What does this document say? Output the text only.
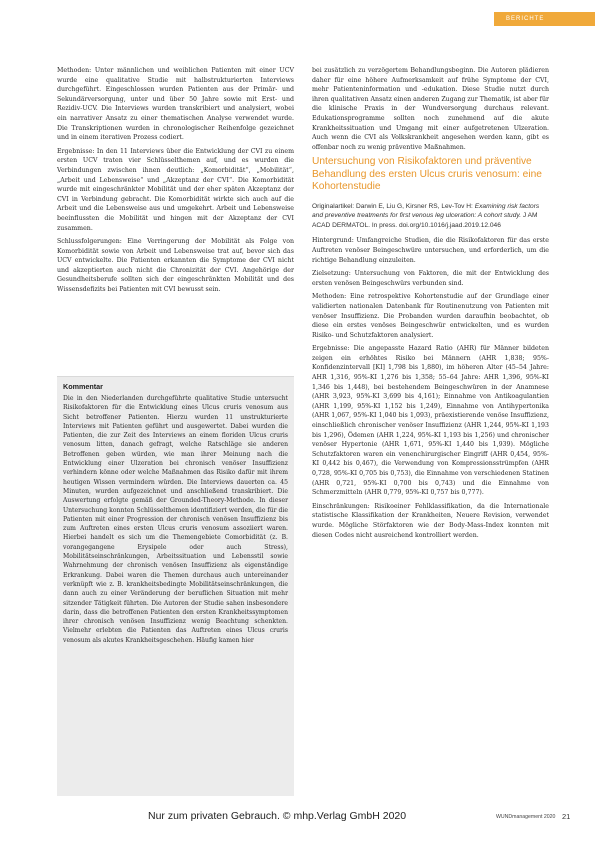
BERICHTE

Methoden: Unter männlichen und weiblichen Patienten mit einer UCV wurde eine qualitative Studie mit halbstrukturierten Interviews durchgeführt. Eingeschlossen wurden Patienten aus der Primär- und Sekundärversorgung, unter und über 50 Jahre sowie mit Erst- und Rezidiv-UCV. Die Interviews wurden transkribiert und analysiert, wobei ein narrativer Ansatz zu einer thematischen Analyse verwendet wurde. Die Transkriptionen wurden in chronologischer Reihenfolge gezeichnet und in einem iterativen Prozess codiert.

Ergebnisse: In den 11 Interviews über die Entwicklung der CVI zu einem ersten UCV traten vier Schlüsselthemen auf, und es wurden die Verbindungen zwischen ihnen deutlich: „Komorbidität“, „Mobilität“, „Arbeit und Lebensweise“ und „Akzeptanz der CVI“. Die Komorbidität wurde mit eingeschränkter Mobilität und der eher späten Akzeptanz der CVI in Verbindung gebracht. Die Komorbidität wirkte sich auch auf die Arbeit und die Lebensweise aus und umgekehrt. Arbeit und Lebensweise beeinflussten die Mobilität und hingen mit der Akzeptanz der CVI zusammen.

Schlussfolgerungen: Eine Verringerung der Mobilität als Folge von Komorbidität sowie von Arbeit und Lebensweise trat auf, bevor sich das UCV entwickelte. Die Patienten erkannten die Symptome der CVI nicht und akzeptierten auch nicht die Chronizität der CVI. Angehörige der Gesundheitsberufe sollten sich der eingeschränkten Mobilität und des Wissensdefizits bei Patienten mit CVI bewusst sein.

Kommentar

Die in den Niederlanden durchgeführte qualitative Studie untersucht Risikofaktoren für die Entwicklung eines Ulcus cruris venosum aus Sicht betroffener Patienten. Hierzu wurden 11 unstrukturierte Interviews mit Patienten geführt und ausgewertet. Dabei wurden die Patienten, die zur Zeit des Interviews an einem floriden Ulcus cruris venosum litten, danach gefragt, welche Ratschläge sie anderen Betroffenen geben würden, wie man ihrer Meinung nach die Entwicklung einer Ulzeration bei chronisch venöser Insuffizienz verhindern könne oder welche Maßnahmen das Risiko dafür mit ihrem heutigen Wissen vermindern würden. Die Interviews dauerten ca. 45 Minuten, wurden aufgezeichnet und anschließend transkribiert. Die Auswertung erfolgte gemäß der Grounded-Theory-Methode. In dieser Untersuchung konnten Schlüsselthemen identifiziert werden, die für die Patienten mit einer Progression der chronisch venösen Insuffizienz bis zum Auftreten eines ersten Ulcus cruris venosum assoziiert waren. Hierbei handelt es sich um die Themengebiete Comorbidität (z. B. vorangegangene Erysipele oder auch Stress), Mobilitätseinschränkungen, Arbeitssituation und Lebensstil sowie Wahrnehmung der chronisch venösen Insuffizienz als eigenständige Erkrankung. Dabei waren die Themen durchaus auch untereinander verknüpft wie z. B. krankheitsbedingte Mobilitätseinschränkungen, die dann auch zu einer Veränderung der beruflichen Situation mit mehr sitzender Tätigkeit führten. Die Autoren der Studie sahen insbesondere darin, dass die betroffenen Patienten den ersten Krankheitssymptomen ihrer chronisch venösen Insuffizienz wenig Beachtung schenkten. Vielmehr erlebten die Patienten das Auftreten eines Ulcus cruris venosum als akutes Krankheitsgeschehen. Häufig kamen hier

bei zusätzlich zu verzögertem Behandlungsbeginn. Die Autoren plädieren daher für eine höhere Aufmerksamkeit auf frühe Symptome der CVI, mehr Patienteninformation und -edukation. Diese Studie nutzt durch ihren qualitativen Ansatz einen anderen Zugang zur Thematik, ist aber für die klinische Praxis in der Wundversorgung durchaus relevant. Edukationsprogramme sollten noch zunehmend auf die akute Krankheitssituation und Umgang mit einer aufgetretenen Ulzeration. Auch wenn die CVI als Volkskrankheit angesehen werden kann, gibt es offenbar noch zu wenig präventive Maßnahmen.

Untersuchung von Risikofaktoren und präventive Behandlung des ersten Ulcus cruris venosum: eine Kohortenstudie
Originalartikel: Darwin E, Liu G, Kirsner RS, Lev-Tov H: Examining risk factors and preventive treatments for first venous leg ulceration: A cohort study. J AM ACAD DERMATOL. In press. doi.org/10.1016/j.jaad.2019.12.046

Hintergrund: Umfangreiche Studien, die die Risikofaktoren für das erste Auftreten venöser Beingeschwüre untersuchen, und erforderlich, um die richtige Behandlung einzuleiten.

Zielsetzung: Untersuchung von Faktoren, die mit der Entwicklung des ersten venösen Beingeschwürs verbunden sind.

Methoden: Eine retrospektive Kohortenstudie auf der Grundlage einer validierten nationalen Datenbank für Routinenutzung von Patienten mit venöser Insuffizienz. Die Probanden wurden daraufhin beobachtet, ob diese ein erstes venöses Beingeschwür entwickelten, und es wurden Risiko- und Schutzfaktoren analysiert.

Ergebnisse: Die angepasste Hazard Ratio (AHR) für Männer bildeten zeigen ein erhöhtes Risiko bei Männern (AHR 1,838; 95%-Konfidenzintervall [KI] 1,798 bis 1,880), im höheren Alter (45–54 Jahre: AHR 1,316, 95%-KI 1,276 bis 1,358; 55–64 Jahre: AHR 1,396, 95%-KI 1,346 bis 1,448), bei bestehendem Beingeschwüren in der Anamnese (AHR 3,923, 95%-KI 3,699 bis 4,161); Einnahme von Antikoagulantien (AHR 1,199, 95%-KI 1,152 bis 1,249), Einnahme von Antihypertonika (AHR 1,067, 95%-KI 1,040 bis 1,093), präexistierende venöse Insuffizienz, einschließlich chronischer venöser Insuffizienz (AHR 1,244, 95%-KI 1,193 bis 1,296), Ödemen (AHR 1,224, 95%-KI 1,193 bis 1,256) und chronischer venöser Hypertonie (AHR 1,671, 95%-KI 1,440 bis 1,939). Mögliche Schutzfaktoren waren ein venenchirurgischer Eingriff (AHR 0,454, 95%-KI 0,442 bis 0,467), die Verwendung von Kompressionsstrümpfen (AHR 0,728, 95%-KI 0,705 bis 0,753), die Einnahme von verschiedenen Statinen (AHR 0,721, 95%-KI 0,700 bis 0,743) und die Einnahme von Schmerzmitteln (AHR 0,779, 95%-KI 0,757 bis 0,777).

Einschränkungen: Risikoeiner Fehlklassifikation, da die Internationale statistische Klassifikation der Krankheiten, Neuere Revision, verwendet wurde. Mögliche Störfaktoren wie der Body-Mass-Index konnten mit diesen Codes nicht ausreichend kontrolliert werden.

Nur zum privaten Gebrauch. © mhp.Verlag GmbH 2020	WUNDmanagement 2020 21
